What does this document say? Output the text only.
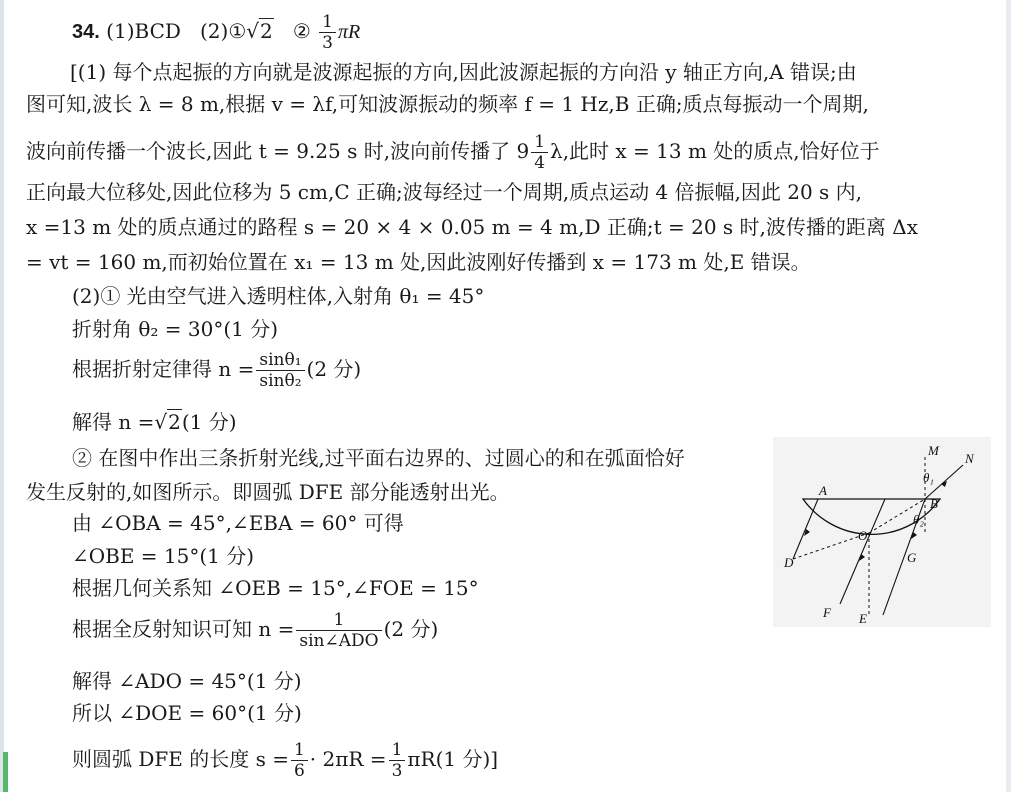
34. (1)BCD (2)①√2 ② $\frac{1}{3}$ πR
[(1) 每个点起振的方向就是波源起振的方向,因此波源起振的方向沿 y 轴正方向,A 错误;由
图可知,波长 λ = 8 m,根据 v = λf,可知波源振动的频率 f = 1 Hz,B 正确;质点每振动一个周期,
波向前传播一个波长,因此 t = 9.25 s 时,波向前传播了 $9 \frac{1}{4} \lambda$,此时 x = 13 m 处的质点,恰好位于
正向最大位移处,因此位移为 5 cm,C 正确;波每经过一个周期,质点运动 4 倍振幅,因此 20 s 内,
x =13 m 处的质点通过的路程 s = 20 × 4 × 0.05 m = 4 m,D 正确;t = 20 s 时,波传播的距离 Δx
= vt = 160 m,而初始位置在 x₁ = 13 m 处,因此波刚好传播到 x = 173 m 处,E 错误。
(2)① 光由空气进入透明柱体,入射角 θ₁ = 45°
折射角 θ₂ = 30°(1 分)
根据折射定律得 $n = \frac{\text{sinθ₁}}{\text{sinθ₂}} (2$ 分)
解得 n =√2(1 分)
② 在图中作出三条折射光线,过平面右边界的、过圆心的和在弧面恰好
发生反射的,如图所示。即圆弧 DFE 部分能透射出光。
由 ∠OBA = 45°,∠EBA = 60° 可得
∠OBE = 15°(1 分)
根据几何关系知 ∠OEB = 15°,∠FOE = 15°
根据全反射知识可知 $n = \frac{1}{\text{sin∠ADO}} (2$ 分)
解得 ∠ADO = 45°(1 分)
所以 ∠DOE = 60°(1 分)
则圆弧 DFE 的长度 $s = \frac{1}{6} \cdot 2\pi R = \frac{1}{3} \pi R(1$ 分)]
M
N
θ₁
A
B
θ₂
O
D	G
F E
